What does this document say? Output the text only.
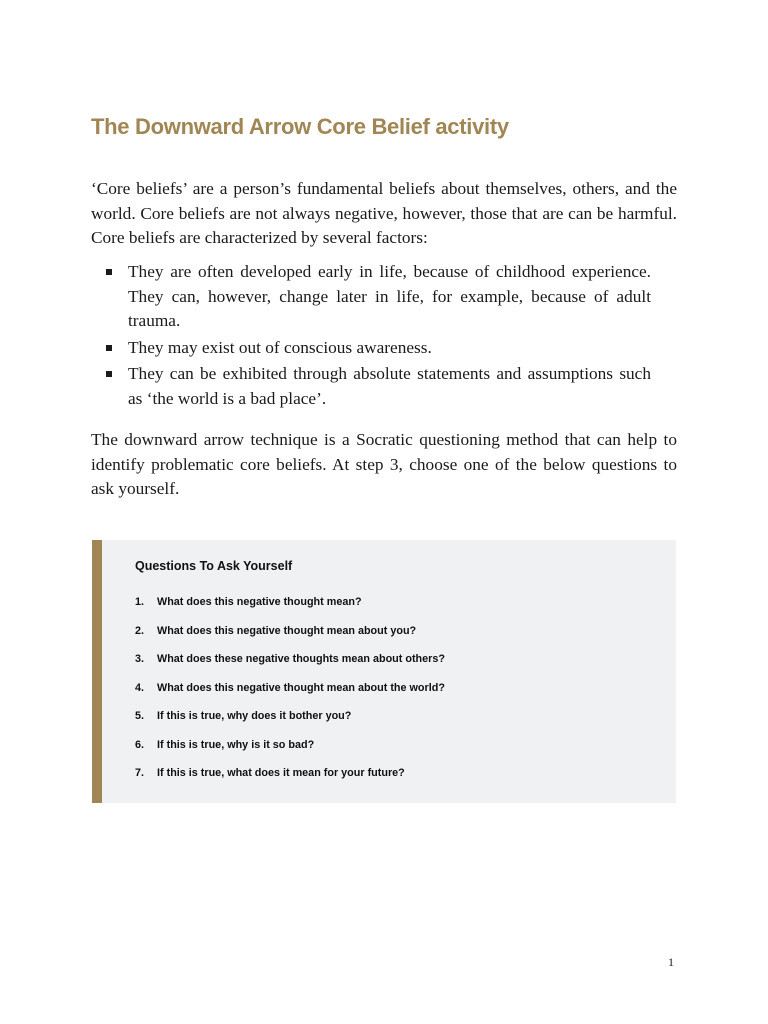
The Downward Arrow Core Belief activity

‘Core beliefs’ are a person’s fundamental beliefs about themselves, others, and the world. Core beliefs are not always negative, however, those that are can be harmful. Core beliefs are characterized by several factors:

They are often developed early in life, because of childhood experience. They can, however, change later in life, for example, because of adult trauma.
They may exist out of conscious awareness.
They can be exhibited through absolute statements and assumptions such as ‘the world is a bad place’.

The downward arrow technique is a Socratic questioning method that can help to identify problematic core beliefs. At step 3, choose one of the below questions to ask yourself.

Questions To Ask Yourself
1. What does this negative thought mean?
2. What does this negative thought mean about you?
3. What does these negative thoughts mean about others?
4. What does this negative thought mean about the world?
5. If this is true, why does it bother you?
6. If this is true, why is it so bad?
7. If this is true, what does it mean for your future?
1
